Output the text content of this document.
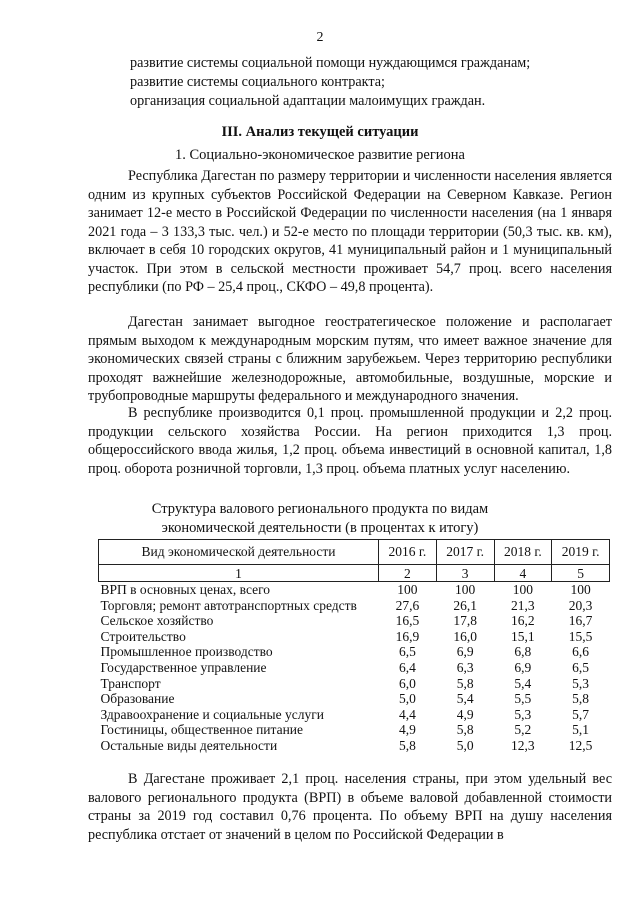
2
развитие системы социальной помощи нуждающимся гражданам;
развитие системы социального контракта;
организация социальной адаптации малоимущих граждан.
III. Анализ текущей ситуации
1. Социально-экономическое развитие региона

Республика Дагестан по размеру территории и численности населения является одним из крупных субъектов Российской Федерации на Северном Кавказе. Регион занимает 12-е место в Российской Федерации по численности населения (на 1 января 2021 года – 3 133,3 тыс. чел.) и 52-е место по площади территории (50,3 тыс. кв. км), включает в себя 10 городских округов, 41 муниципальный район и 1 муниципальный участок. При этом в сельской местности проживает 54,7 проц. всего населения республики (по РФ – 25,4 проц., СКФО – 49,8 процента).

Дагестан занимает выгодное геостратегическое положение и располагает прямым выходом к международным морским путям, что имеет важное значение для экономических связей страны с ближним зарубежьем. Через территорию республики проходят важнейшие железнодорожные, автомобильные, воздушные, морские и трубопроводные маршруты федерального и международного значения.

В республике производится 0,1 проц. промышленной продукции и 2,2 проц. продукции сельского хозяйства России. На регион приходится 1,3 проц. общероссийского ввода жилья, 1,2 проц. объема инвестиций в основной капитал, 1,8 проц. оборота розничной торговли, 1,3 проц. объема платных услуг населению.

Структура валового регионального продукта по видам
экономической деятельности (в процентах к итогу)
Вид экономической деятельности	2016 г.	2017 г.	2018 г.	2019 г.
1	2	3	4	5
ВРП в основных ценах, всего	100	100	100	100
Торговля; ремонт автотранспортных средств	27,6	26,1	21,3	20,3
Сельское хозяйство	16,5	17,8	16,2	16,7
Строительство	16,9	16,0	15,1	15,5
Промышленное производство	6,5	6,9	6,8	6,6
Государственное управление	6,4	6,3	6,9	6,5
Транспорт	6,0	5,8	5,4	5,3
Образование	5,0	5,4	5,5	5,8
Здравоохранение и социальные услуги	4,4	4,9	5,3	5,7
Гостиницы, общественное питание	4,9	5,8	5,2	5,1
Остальные виды деятельности	5,8	5,0	12,3	12,5

В Дагестане проживает 2,1 проц. населения страны, при этом удельный вес валового регионального продукта (ВРП) в объеме валовой добавленной стоимости страны за 2019 год составил 0,76 процента. По объему ВРП на душу населения республика отстает от значений в целом по Российской Федерации в
